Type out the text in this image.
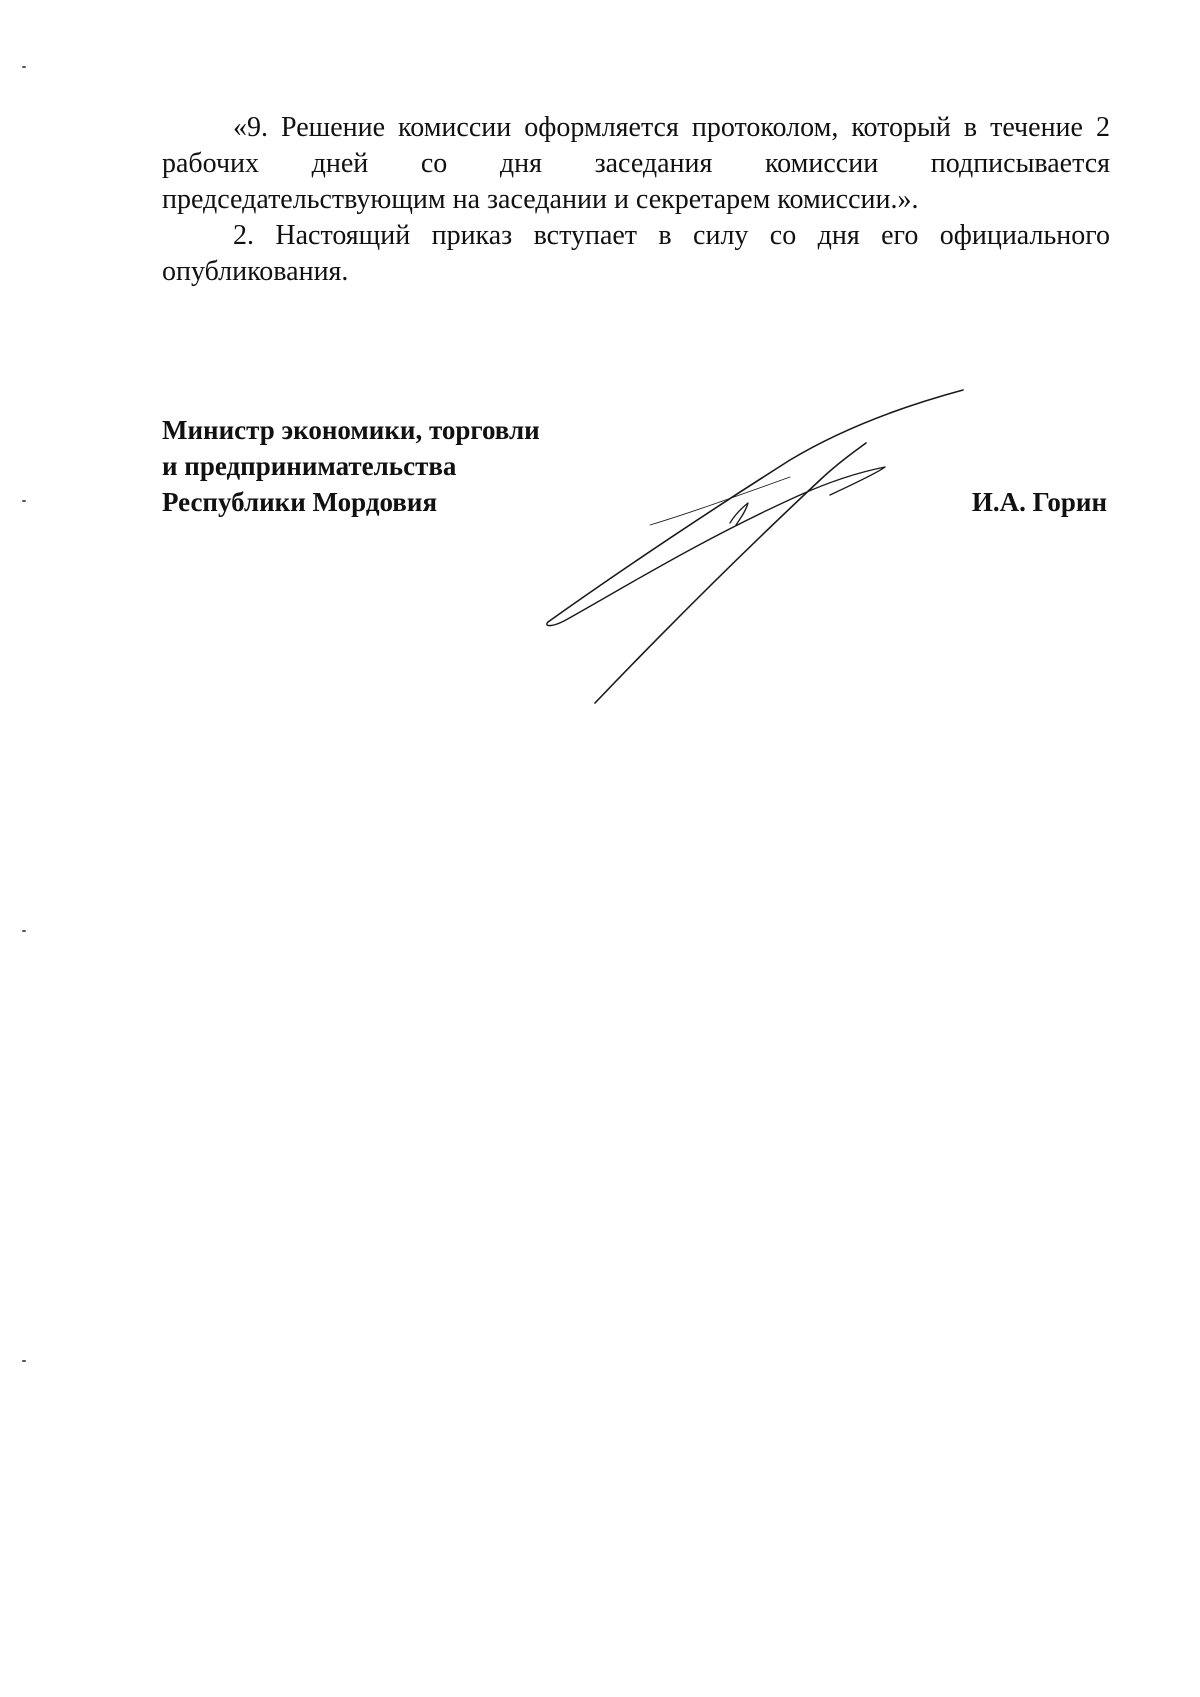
«9. Решение комиссии оформляется протоколом, который в течение 2 рабочих дней со дня заседания комиссии подписывается председательствующим на заседании и секретарем комиссии.».

2. Настоящий приказ вступает в силу со дня его официального опубликования.

Министр экономики, торговли
и предпринимательства
Республики Мордовия	И.А. Горин
